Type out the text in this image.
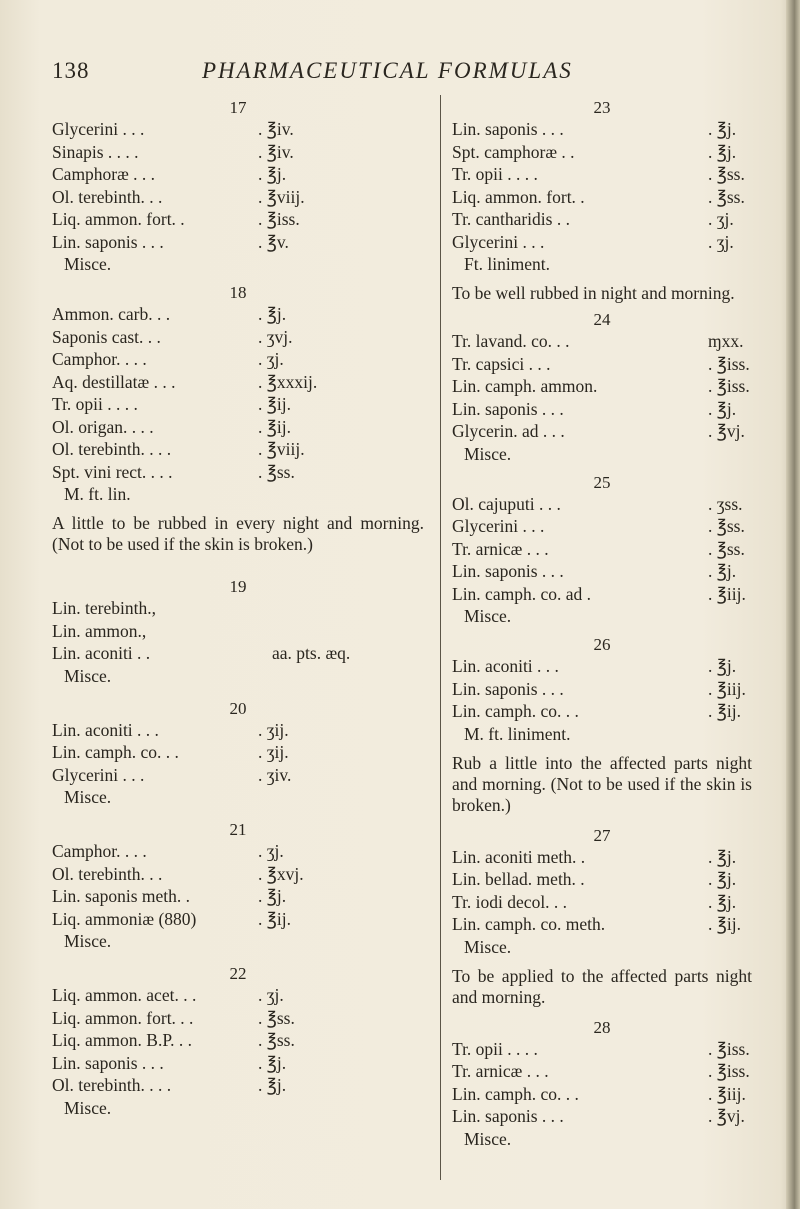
138	PHARMACEUTICAL FORMULAS
17
Glycerini . . .	. ℥iv.
Sinapis . . . .	. ℥iv.
Camphoræ . . .	. ℥j.
Ol. terebinth. . .	. ℥viij.
Liq. ammon. fort. .	. ℥iss.
Lin. saponis . . .	. ℥v.
Misce.
18
Ammon. carb. . .	. ℥j.
Saponis cast. . .	. ʒvj.
Camphor. . . .	. ʒj.
Aq. destillatæ . . .	. ℥xxxij.
Tr. opii . . . .	. ℥ij.
Ol. origan. . . .	. ℥ij.
Ol. terebinth. . . .	. ℥viij.
Spt. vini rect. . . .	. ℥ss.
M. ft. lin.
A little to be rubbed in every night and morning. (Not to be used if the skin is broken.)
19
Lin. terebinth.,
Lin. ammon.,
Lin. aconiti . .	aa. pts. æq.
Misce.
20
Lin. aconiti . . .	. ʒij.
Lin. camph. co. . .	. ʒij.
Glycerini . . .	. ʒiv.
Misce.
21
Camphor. . . .	. ʒj.
Ol. terebinth. . .	. ℥xvj.
Lin. saponis meth. .	. ℥j.
Liq. ammoniæ (880)	. ℥ij.
Misce.
22
Liq. ammon. acet. . .	. ʒj.
Liq. ammon. fort. . .	. ℥ss.
Liq. ammon. B.P. . .	. ℥ss.
Lin. saponis . . .	. ℥j.
Ol. terebinth. . . .	. ℥j.
Misce.
23
Lin. saponis . . .	. ℥j.
Spt. camphoræ . .	. ℥j.
Tr. opii . . . .	. ℥ss.
Liq. ammon. fort. .	. ℥ss.
Tr. cantharidis . .	. ʒj.
Glycerini . . .	. ʒj.
Ft. liniment.
To be well rubbed in night and morning.
24
Tr. lavand. co. . .	ɱxx.
Tr. capsici . . .	. ℥iss.
Lin. camph. ammon.	. ℥iss.
Lin. saponis . . .	. ℥j.
Glycerin. ad . . .	. ℥vj.
Misce.
25
Ol. cajuputi . . .	. ʒss.
Glycerini . . .	. ℥ss.
Tr. arnicæ . . .	. ℥ss.
Lin. saponis . . .	. ℥j.
Lin. camph. co. ad .	. ℥iij.
Misce.
26
Lin. aconiti . . .	. ℥j.
Lin. saponis . . .	. ℥iij.
Lin. camph. co. . .	. ℥ij.
M. ft. liniment.
Rub a little into the affected parts night and morning. (Not to be used if the skin is broken.)
27
Lin. aconiti meth. .	. ℥j.
Lin. bellad. meth. .	. ℥j.
Tr. iodi decol. . .	. ℥j.
Lin. camph. co. meth.	. ℥ij.
Misce.
To be applied to the affected parts night and morning.
28
Tr. opii . . . .	. ℥iss.
Tr. arnicæ . . .	. ℥iss.
Lin. camph. co. . .	. ℥iij.
Lin. saponis . . .	. ℥vj.
Misce.
